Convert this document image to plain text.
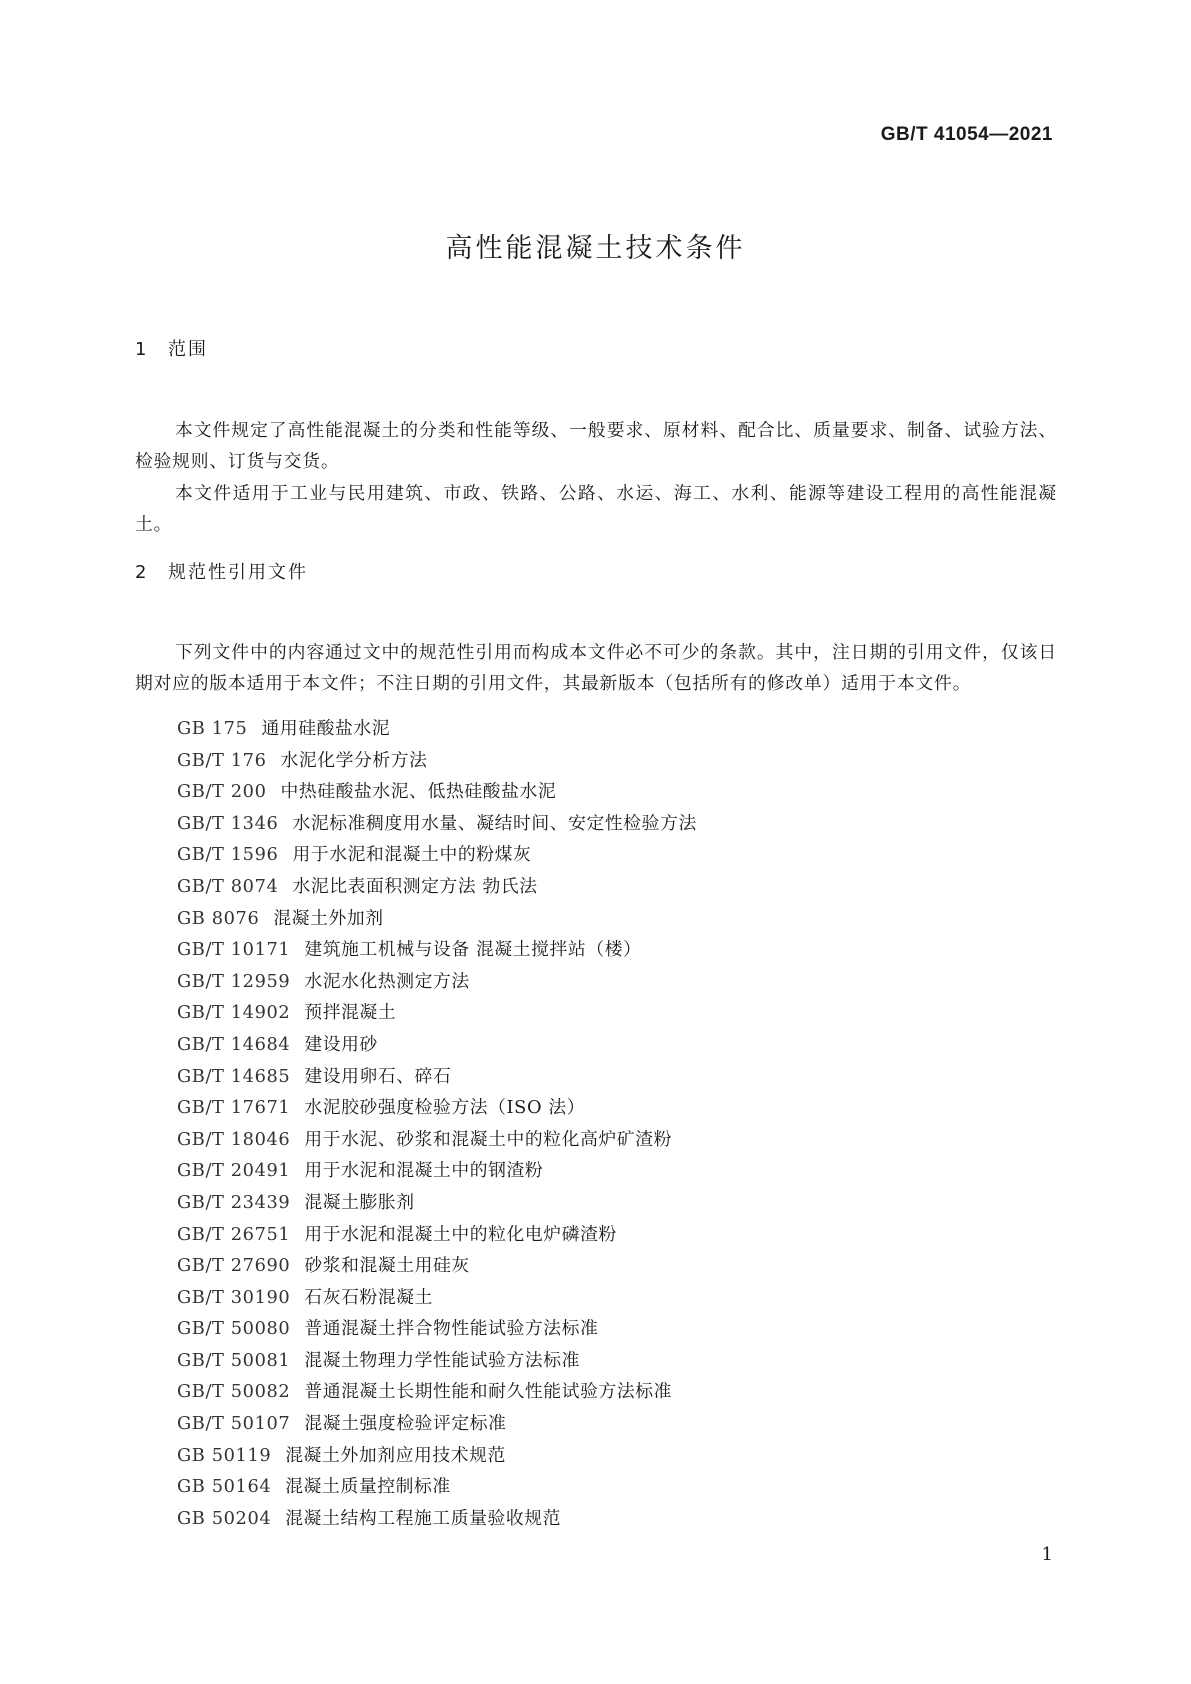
GB/T 41054—2021
高性能混凝土技术条件
1 范围

本文件规定了高性能混凝土的分类和性能等级、一般要求、原材料、配合比、质量要求、制备、试验方法、检验规则、订货与交货。

本文件适用于工业与民用建筑、市政、铁路、公路、水运、海工、水利、能源等建设工程用的高性能混凝土。

2 规范性引用文件

下列文件中的内容通过文中的规范性引用而构成本文件必不可少的条款。其中，注日期的引用文件，仅该日期对应的版本适用于本文件；不注日期的引用文件，其最新版本（包括所有的修改单）适用于本文件。

GB 175 通用硅酸盐水泥
GB/T 176 水泥化学分析方法
GB/T 200 中热硅酸盐水泥、低热硅酸盐水泥
GB/T 1346 水泥标准稠度用水量、凝结时间、安定性检验方法
GB/T 1596 用于水泥和混凝土中的粉煤灰
GB/T 8074 水泥比表面积测定方法 勃氏法
GB 8076 混凝土外加剂
GB/T 10171 建筑施工机械与设备 混凝土搅拌站（楼）
GB/T 12959 水泥水化热测定方法
GB/T 14902 预拌混凝土
GB/T 14684 建设用砂
GB/T 14685 建设用卵石、碎石
GB/T 17671 水泥胶砂强度检验方法（ISO 法）
GB/T 18046 用于水泥、砂浆和混凝土中的粒化高炉矿渣粉
GB/T 20491 用于水泥和混凝土中的钢渣粉
GB/T 23439 混凝土膨胀剂
GB/T 26751 用于水泥和混凝土中的粒化电炉磷渣粉
GB/T 27690 砂浆和混凝土用硅灰
GB/T 30190 石灰石粉混凝土
GB/T 50080 普通混凝土拌合物性能试验方法标准
GB/T 50081 混凝土物理力学性能试验方法标准
GB/T 50082 普通混凝土长期性能和耐久性能试验方法标准
GB/T 50107 混凝土强度检验评定标准
GB 50119 混凝土外加剂应用技术规范
GB 50164 混凝土质量控制标准
GB 50204 混凝土结构工程施工质量验收规范
1
